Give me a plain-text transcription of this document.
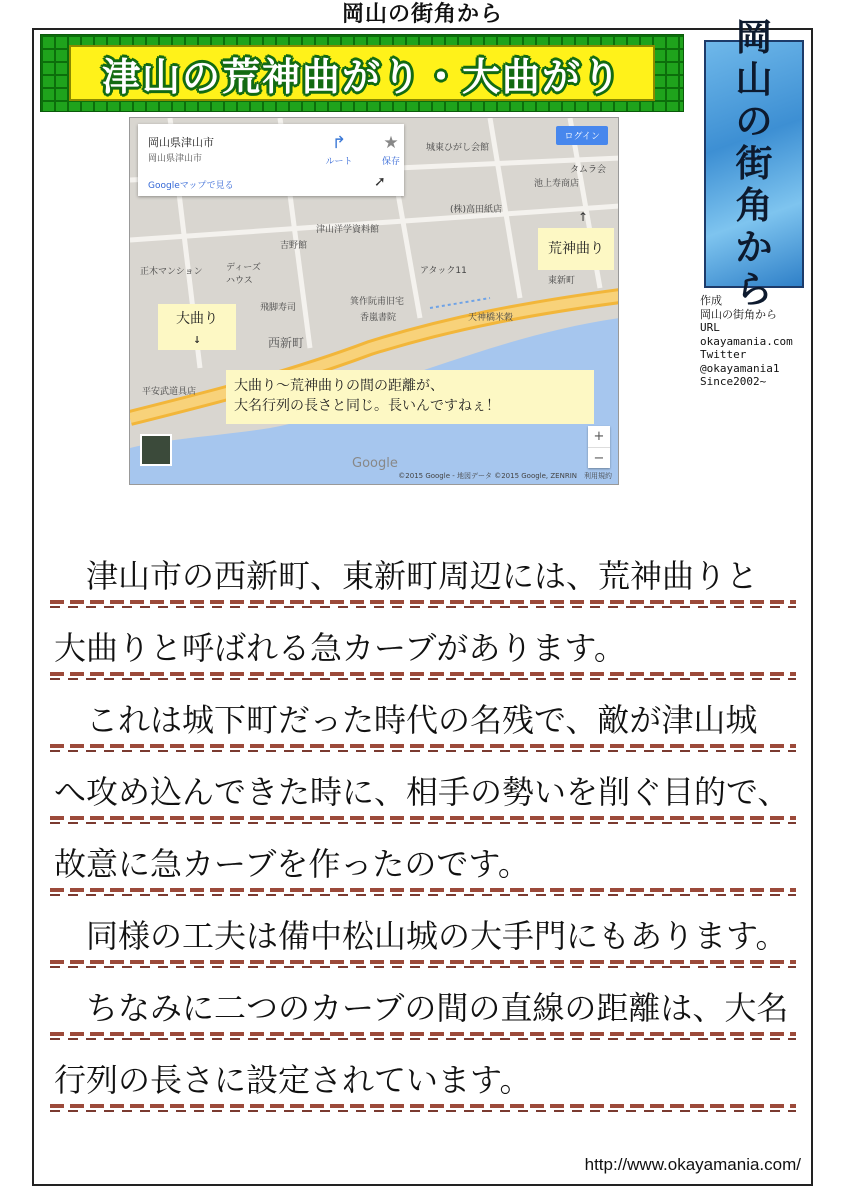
岡山の街角から
津山の荒神曲がり・大曲がり
岡
山
の
街
角
か
ら
作成
岡山の街角から
URL
okayamania.com
Twitter
@okayamania1
Since2002~
城東ひがし会館
タムラ会
池上寿商店
(株)高田紙店
津山洋学資料館
吉野館
ディーズハウス
正木マンション	アタック11
東新町
箕作阮甫旧宅
飛脚寿司
香嵐書院	天神橋米穀
西新町
平安武道具店
岡山県津山市
岡山県津山市
Googleマップで見る
↱
ルート
★
保存
➚
ログイン
↑
荒神曲り
大曲り
↓
大曲り～荒神曲りの間の距離が、
大名行列の長さと同じ。長いんですねぇ！
+
−
Google
©2015 Google - 地図データ ©2015 Google, ZENRIN　利用規約
　津山市の西新町、東新町周辺には、荒神曲りと
大曲りと呼ばれる急カーブがあります。
　これは城下町だった時代の名残で、敵が津山城
へ攻め込んできた時に、相手の勢いを削ぐ目的で、
故意に急カーブを作ったのです。
　同様の工夫は備中松山城の大手門にもあります。
　ちなみに二つのカーブの間の直線の距離は、大名
行列の長さに設定されています。
http://www.okayamania.com/
